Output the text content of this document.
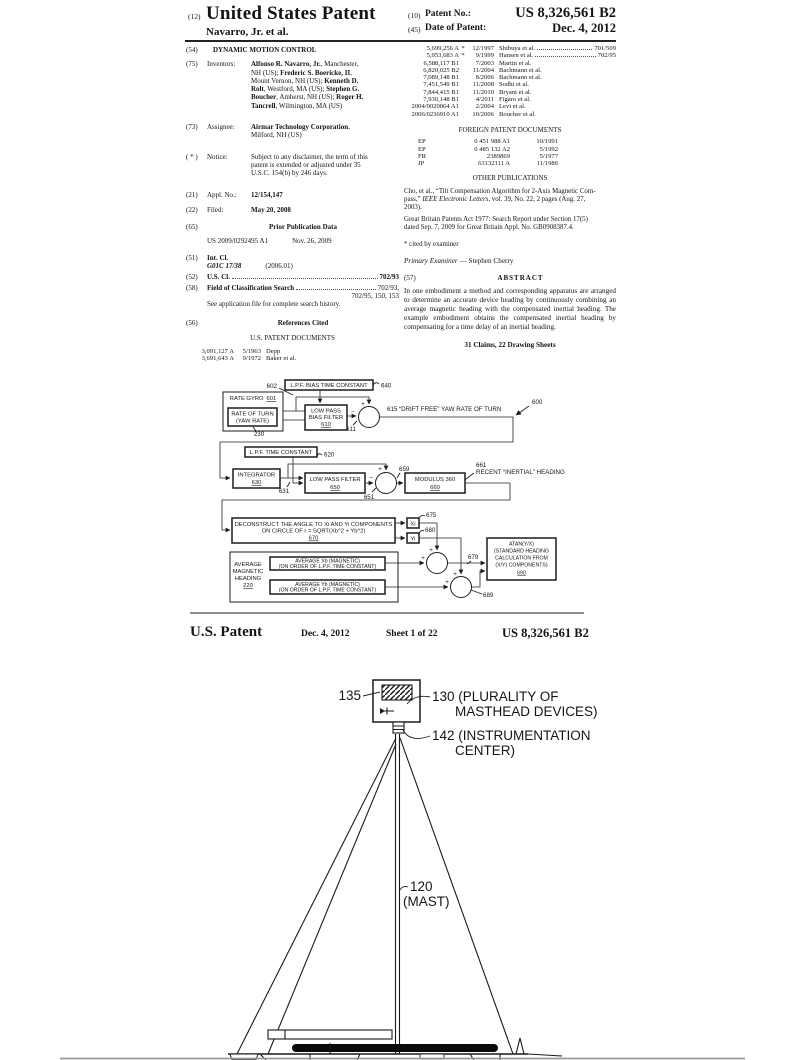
(12) United States Patent
Navarro, Jr. et al.
(10) Patent No.:	US 8,326,561 B2
(45) Date of Patent:	Dec. 4, 2012
(54)	DYNAMIC MOTION CONTROL
(75)	Inventors:	Alfonso R. Navarro, Jr., Manchester,
NH (US); Frederic S. Boericke, II,
Mount Vernon, NH (US); Kenneth D.
Rolt, Westford, MA (US); Stephen G.
Boucher, Amherst, NH (US); Roger H.
Tancrell, Wilmington, MA (US)
(73)	Assignee:	Airmar Technology Corporation,
Milford, NH (US)
( * )	Notice:	Subject to any disclaimer, the term of this
patent is extended or adjusted under 35
U.S.C. 154(b) by 246 days.
(21)	Appl. No.:	12/154,147
(22)	Filed:	May 20, 2008
(65)	Prior Publication Data
US 2009/0292495 A1	Nov. 26, 2009
(51)	Int. Cl.
G01C 17/38	(2006.01)
(52)	U.S. Cl.	702/93
(58)	Field of Classification Search	702/93,
702/95, 150, 153
See application file for complete search history.
(56)	References Cited
U.S. PATENT DOCUMENTS
3,091,127 A	5/1963 Depp
3,691,643 A	9/1972 Baker et al.
5,699,256 A *	12/1997 Shibuya et al.	701/509
5,953,683 A *	9/1999 Hansen et al.	702/95
6,588,117 B1	7/2003 Martin et al.
6,820,025 B2	11/2004 Bachmann et al.
7,089,148 B1	8/2006 Bachmann et al.
7,451,549 B1	11/2008 Sodhi et al.
7,844,415 B1	11/2010 Bryant et al.
7,930,148 B1	4/2011 Figaro et al.
2004/0020064 A1	2/2004 Levi et al.
2006/0236910 A1	10/2006 Boucher et al.
FOREIGN PATENT DOCUMENTS
EP	0 451 988 A1	10/1991
EP	0 485 132 A2	5/1992
FR	2389869	5/1977
JP	63132111 A	11/1986
OTHER PUBLICATIONS
Cho, et al., “Tilt Compensation Algorithm for 2-Axis Magnetic Com-
pass,” IEEE Electronic Letters, vol. 39, No. 22, 2 pages (Aug. 27,
2003).
Great Britain Patents Act 1977: Search Report under Section 17(5)
dated Sep. 7, 2009 for Great Britain Appl. No. GB0908387.4.
* cited by examiner
Primary Examiner — Stephen Cherry
(57)	ABSTRACT
In one embodiment a method and corresponding apparatus are arranged to determine an accurate device heading by continuously combining an average magnetic heading with the compensated inertial heading. The example embodiment obtains the compensated inertial heading by compensating for a time delay of an inertial heading.
31 Claims, 22 Drawing Sheets
L.P.F. BIAS TIME CONSTANT
602	640
RATE GYRO 601
RATE OF TURN
(YAW RATE)
230
LOW PASS
BIAS FILTER
610
+
−
611
615 “DRIFT FREE” YAW RATE OF TURN
600
L.P.F. TIME CONSTANT 620
INTEGRATOR
630
631
LOW PASS FILTER
650
+
−
651
659
MODULUS 360
660
661
RECENT “INERTIAL” HEADING
DECONSTRUCT THE ANGLE TO Xi AND Yi COMPONENTS
ON CIRCLE OF r = SQRT(Xb^2 + Yb^2)
670
Xi
Yi
675
680
AVERAGE
MAGNETIC
HEADING
220
AVERAGE Xb (MAGNETIC)
(ON ORDER OF L.P.F. TIME CONSTANT)
AVERAGE Yb (MAGNETIC)
(ON ORDER OF L.P.F. TIME CONSTANT)
+
+
+
+
679
689
ATAN(Y/X)
(STANDARD HEADING
CALCULATION FROM
(X/Y) COMPONENTS)
690
U.S. Patent	Dec. 4, 2012	Sheet 1 of 22	US 8,326,561 B2
135	130 (PLURALITY OF
MASTHEAD DEVICES)
142 (INSTRUMENTATION
CENTER)
120
(MAST)
